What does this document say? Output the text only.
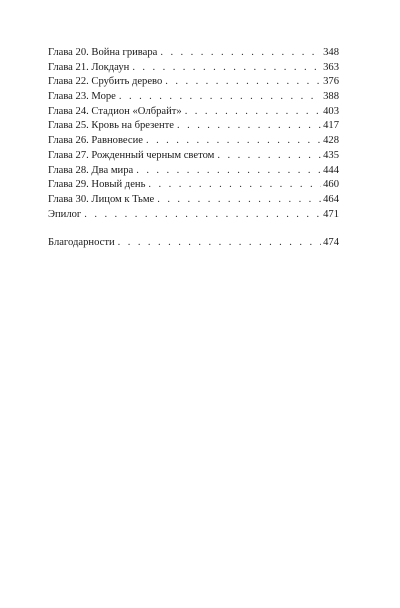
Глава 20. Война гривара . . .	348
Глава 21. Локдаун . . .	363
Глава 22. Срубить дерево . . .	376
Глава 23. Море . . .	388
Глава 24. Стадион «Олбрайт» . . .	403
Глава 25. Кровь на брезенте . . .	417
Глава 26. Равновесие . . .	428
Глава 27. Рожденный черным светом . . .	435
Глава 28. Два мира . . .	444
Глава 29. Новый день . . .	460
Глава 30. Лицом к Тьме . . .	464
Эпилог . . .	471
Благодарности . . .	474
